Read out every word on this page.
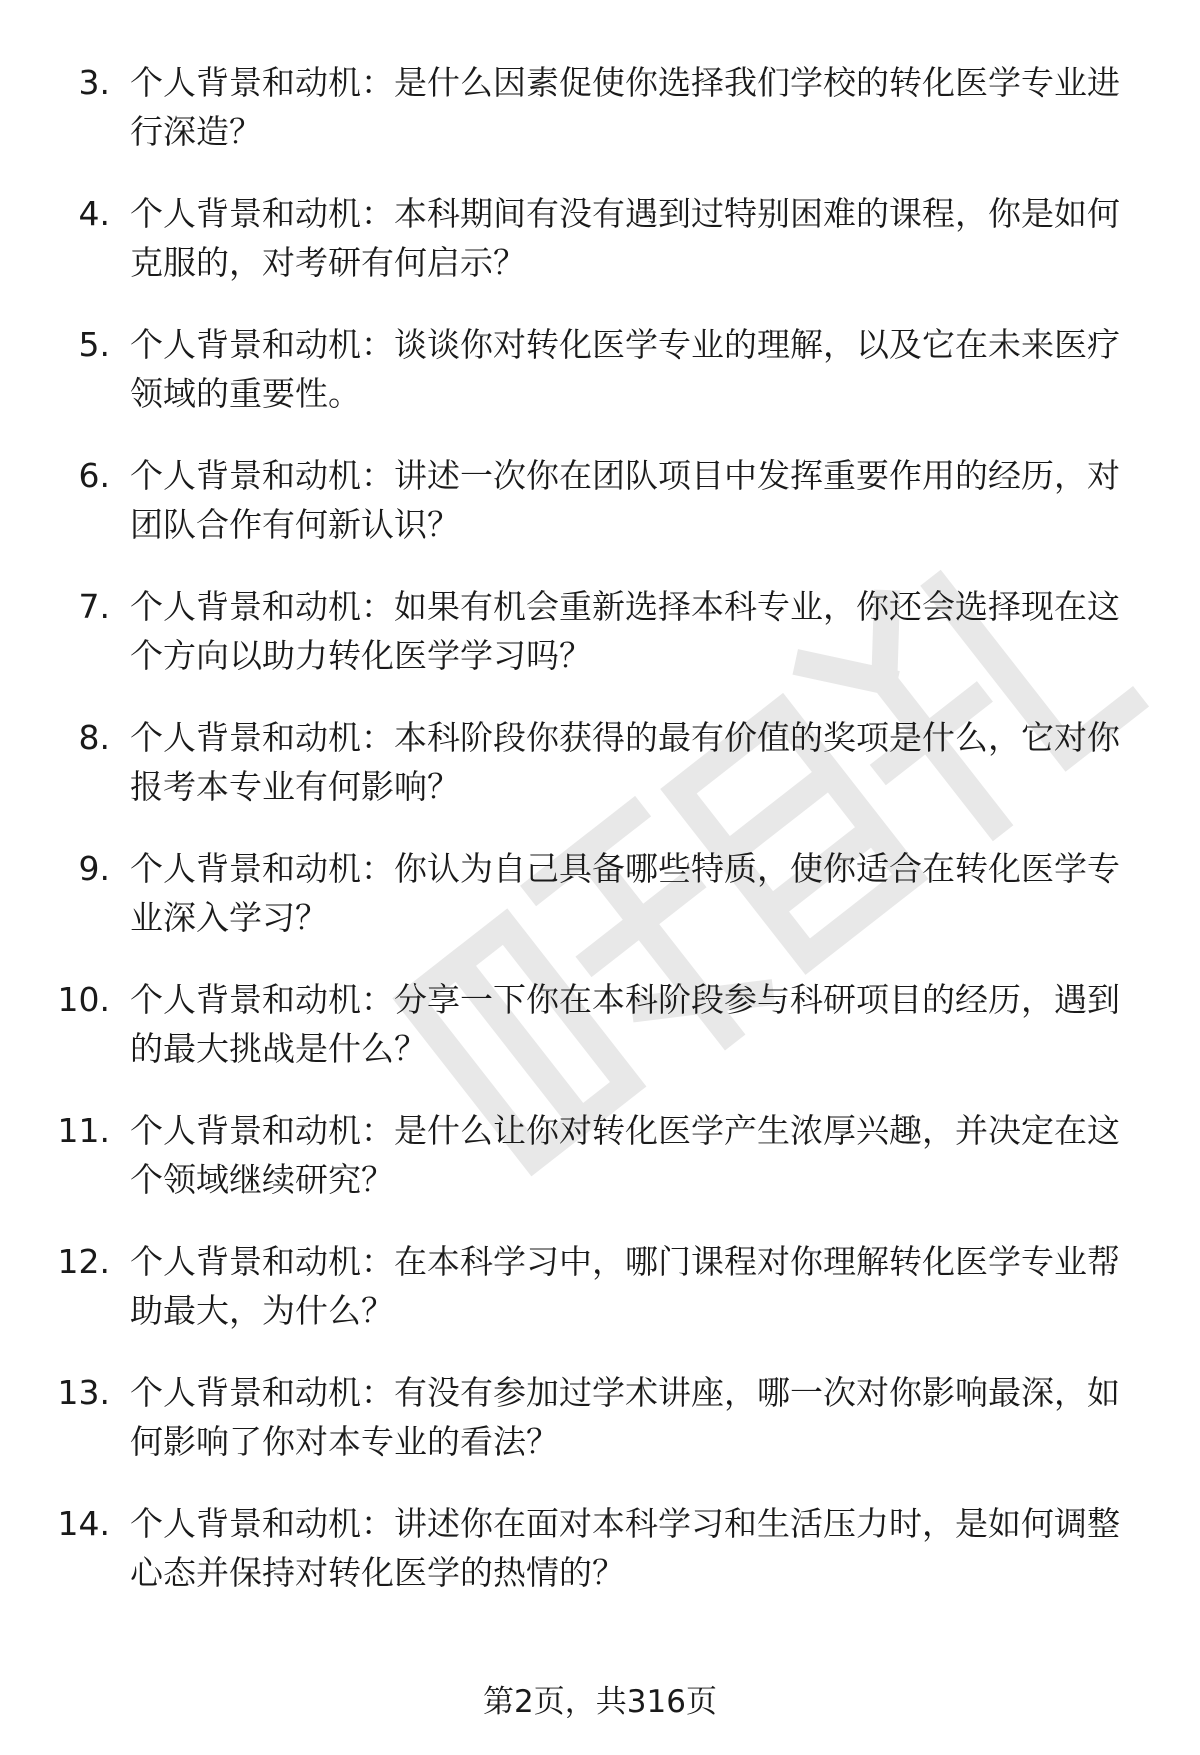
3. 个人背景和动机：是什么因素促使你选择我们学校的转化医学专业进行深造？
4. 个人背景和动机：本科期间有没有遇到过特别困难的课程，你是如何克服的，对考研有何启示？
5. 个人背景和动机：谈谈你对转化医学专业的理解，以及它在未来医疗领域的重要性。
6. 个人背景和动机：讲述一次你在团队项目中发挥重要作用的经历，对团队合作有何新认识？
7. 个人背景和动机：如果有机会重新选择本科专业，你还会选择现在这个方向以助力转化医学学习吗？
8. 个人背景和动机：本科阶段你获得的最有价值的奖项是什么，它对你报考本专业有何影响？
9. 个人背景和动机：你认为自己具备哪些特质，使你适合在转化医学专业深入学习？
10. 个人背景和动机：分享一下你在本科阶段参与科研项目的经历，遇到的最大挑战是什么？
11. 个人背景和动机：是什么让你对转化医学产生浓厚兴趣，并决定在这个领域继续研究？
12. 个人背景和动机：在本科学习中，哪门课程对你理解转化医学专业帮助最大，为什么？
13. 个人背景和动机：有没有参加过学术讲座，哪一次对你影响最深，如何影响了你对本专业的看法？
14. 个人背景和动机：讲述你在面对本科学习和生活压力时，是如何调整心态并保持对转化医学的热情的？
第2页，共316页
